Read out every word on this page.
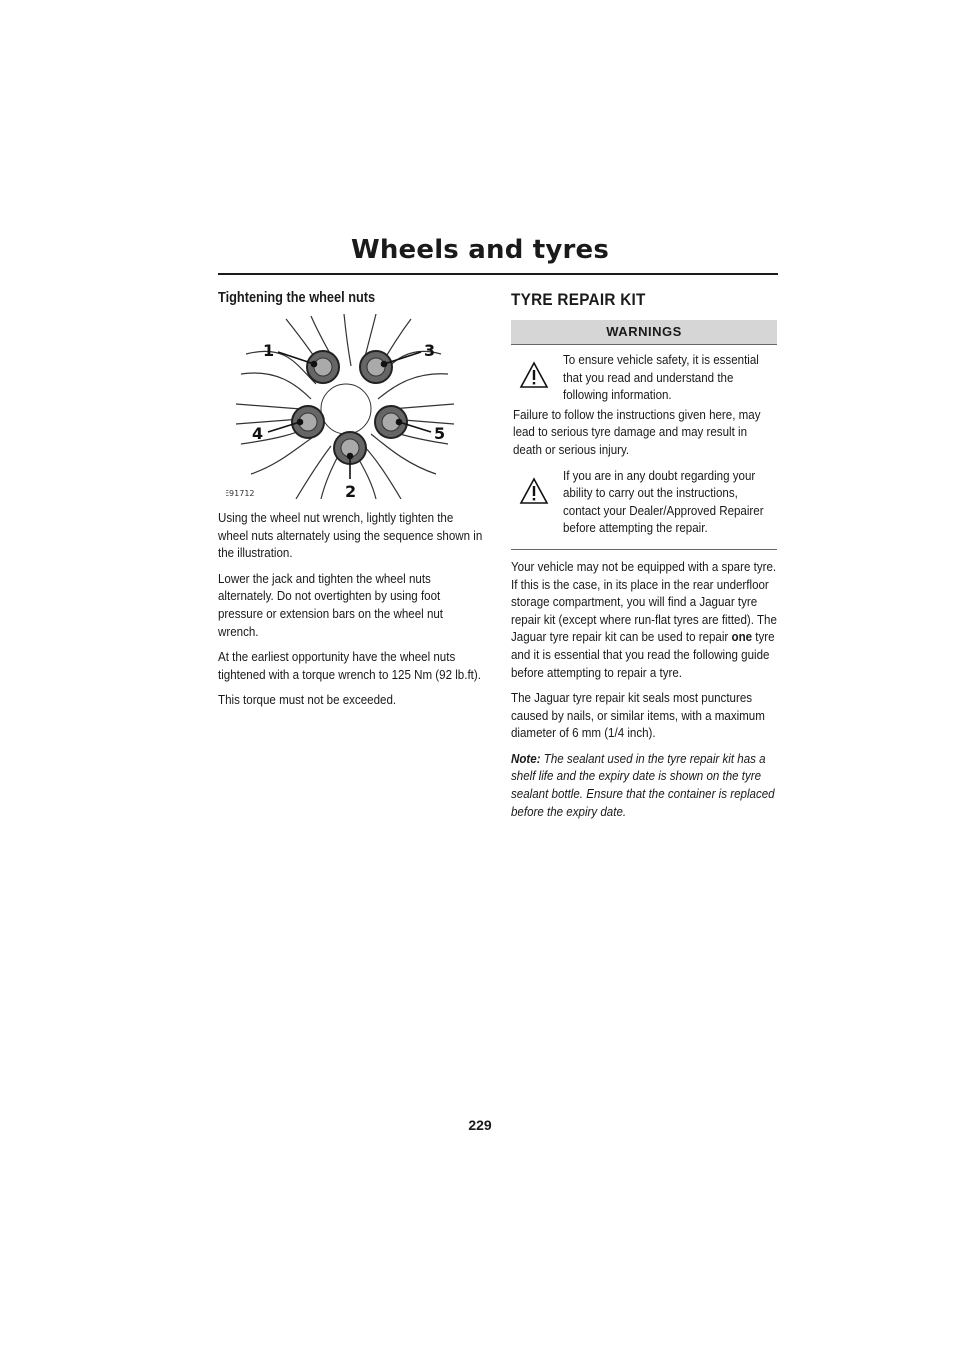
Wheels and tyres
Tightening the wheel nuts
1	3
4	5
2
E91712

Using the wheel nut wrench, lightly tighten the wheel nuts alternately using the sequence shown in the illustration.

Lower the jack and tighten the wheel nuts alternately. Do not overtighten by using foot pressure or extension bars on the wheel nut wrench.

At the earliest opportunity have the wheel nuts tightened with a torque wrench to 125 Nm (92 lb.ft).

This torque must not be exceeded.

TYRE REPAIR KIT
WARNINGS

To ensure vehicle safety, it is essential that you read and understand the following information.

Failure to follow the instructions given here, may lead to serious tyre damage and may result in death or serious injury.

If you are in any doubt regarding your ability to carry out the instructions, contact your Dealer/Approved Repairer before attempting the repair.

Your vehicle may not be equipped with a spare tyre. If this is the case, in its place in the rear underfloor storage compartment, you will find a Jaguar tyre repair kit (except where run-flat tyres are fitted). The Jaguar tyre repair kit can be used to repair one tyre and it is essential that you read the following guide before attempting to repair a tyre.

The Jaguar tyre repair kit seals most punctures caused by nails, or similar items, with a maximum diameter of 6 mm (1/4 inch).

Note: The sealant used in the tyre repair kit has a shelf life and the expiry date is shown on the tyre sealant bottle. Ensure that the container is replaced before the expiry date.

229
